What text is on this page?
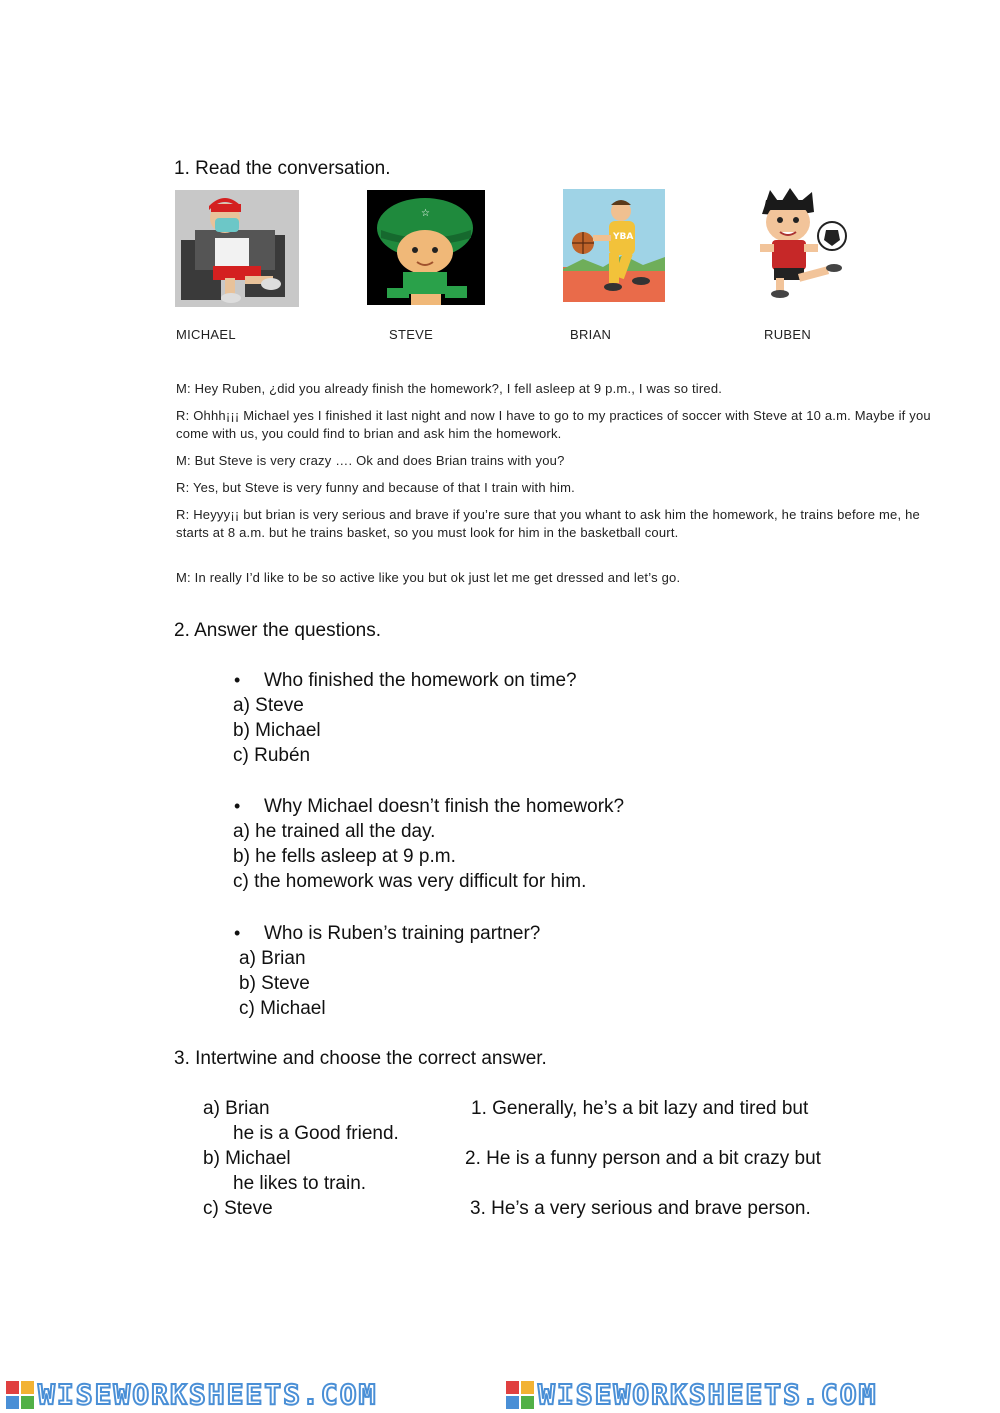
1. Read the conversation.
MICHAEL
☆
STEVE
YBA
BRIAN	RUBEN
M: Hey Ruben, ¿did you already finish the homework?, I fell asleep at 9 p.m., I was so tired.
R: Ohhh¡¡¡ Michael yes I finished it last night and now I have to go to my practices of soccer with Steve at 10 a.m. Maybe if you come with us, you could find to brian and ask him the homework.
M: But Steve is very crazy …. Ok and does Brian trains with you?
R: Yes, but Steve is very funny and because of that I train with him.
R: Heyyy¡¡ but brian is very serious and brave if you’re sure that you whant to ask him the homework, he trains before me, he starts at 8 a.m. but he trains basket, so you must look for him in the basketball court.
M: In really I’d like to be so active like you but ok just let me get dressed and let’s go.
2. Answer the questions.
• Who finished the homework on time?
a) Steve
b) Michael
c) Rubén
• Why Michael doesn’t finish the homework?
a) he trained all the day.
b) he fells asleep at 9 p.m.
c) the homework was very difficult for him.
• Who is Ruben’s training partner?
a) Brian
b) Steve
c) Michael
3. Intertwine and choose the correct answer.
a) Brian	1. Generally, he’s a bit lazy and tired but
he is a Good friend.
b) Michael	2. He is a funny person and a bit crazy but
he likes to train.
c) Steve	3. He’s a very serious and brave person.
WISEWORKSHEETS.COM	WISEWORKSHEETS.COM
